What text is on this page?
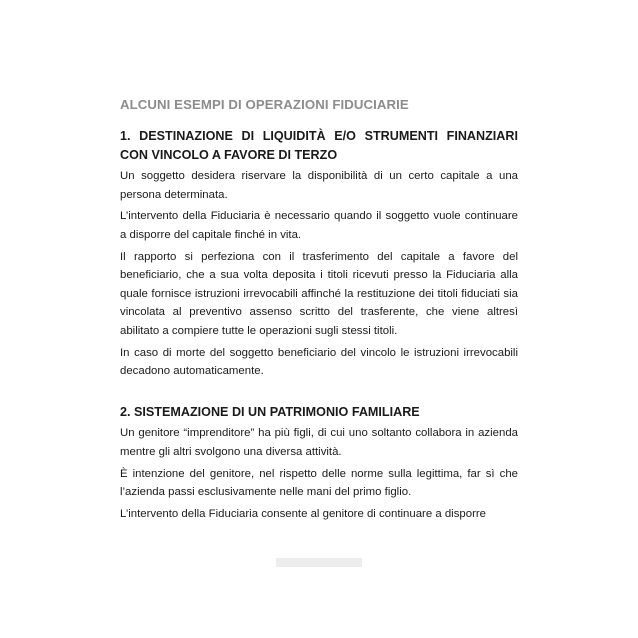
ALCUNI ESEMPI DI OPERAZIONI FIDUCIARIE
1. DESTINAZIONE DI LIQUIDITÀ E/O STRUMENTI FINANZIARI CON VINCOLO A FAVORE DI TERZO

Un soggetto desidera riservare la disponibilità di un certo capitale a una persona determinata.

L’intervento della Fiduciaria è necessario quando il soggetto vuole continuare a disporre del capitale finché in vita.

Il rapporto si perfeziona con il trasferimento del capitale a favore del beneficiario, che a sua volta deposita i titoli ricevuti presso la Fiduciaria alla quale fornisce istruzioni irrevocabili affinché la restituzione dei titoli fiduciati sia vincolata al preventivo assenso scritto del trasferente, che viene altresì abilitato a compiere tutte le operazioni sugli stessi titoli.

In caso di morte del soggetto beneficiario del vincolo le istruzioni irrevocabili decadono automaticamente.

2. SISTEMAZIONE DI UN PATRIMONIO FAMILIARE

Un genitore “imprenditore” ha più figli, di cui uno soltanto collabora in azienda mentre gli altri svolgono una diversa attività.

È intenzione del genitore, nel rispetto delle norme sulla legittima, far sì che l’azienda passi esclusivamente nelle mani del primo figlio.

L’intervento della Fiduciaria consente al genitore di continuare a disporre
